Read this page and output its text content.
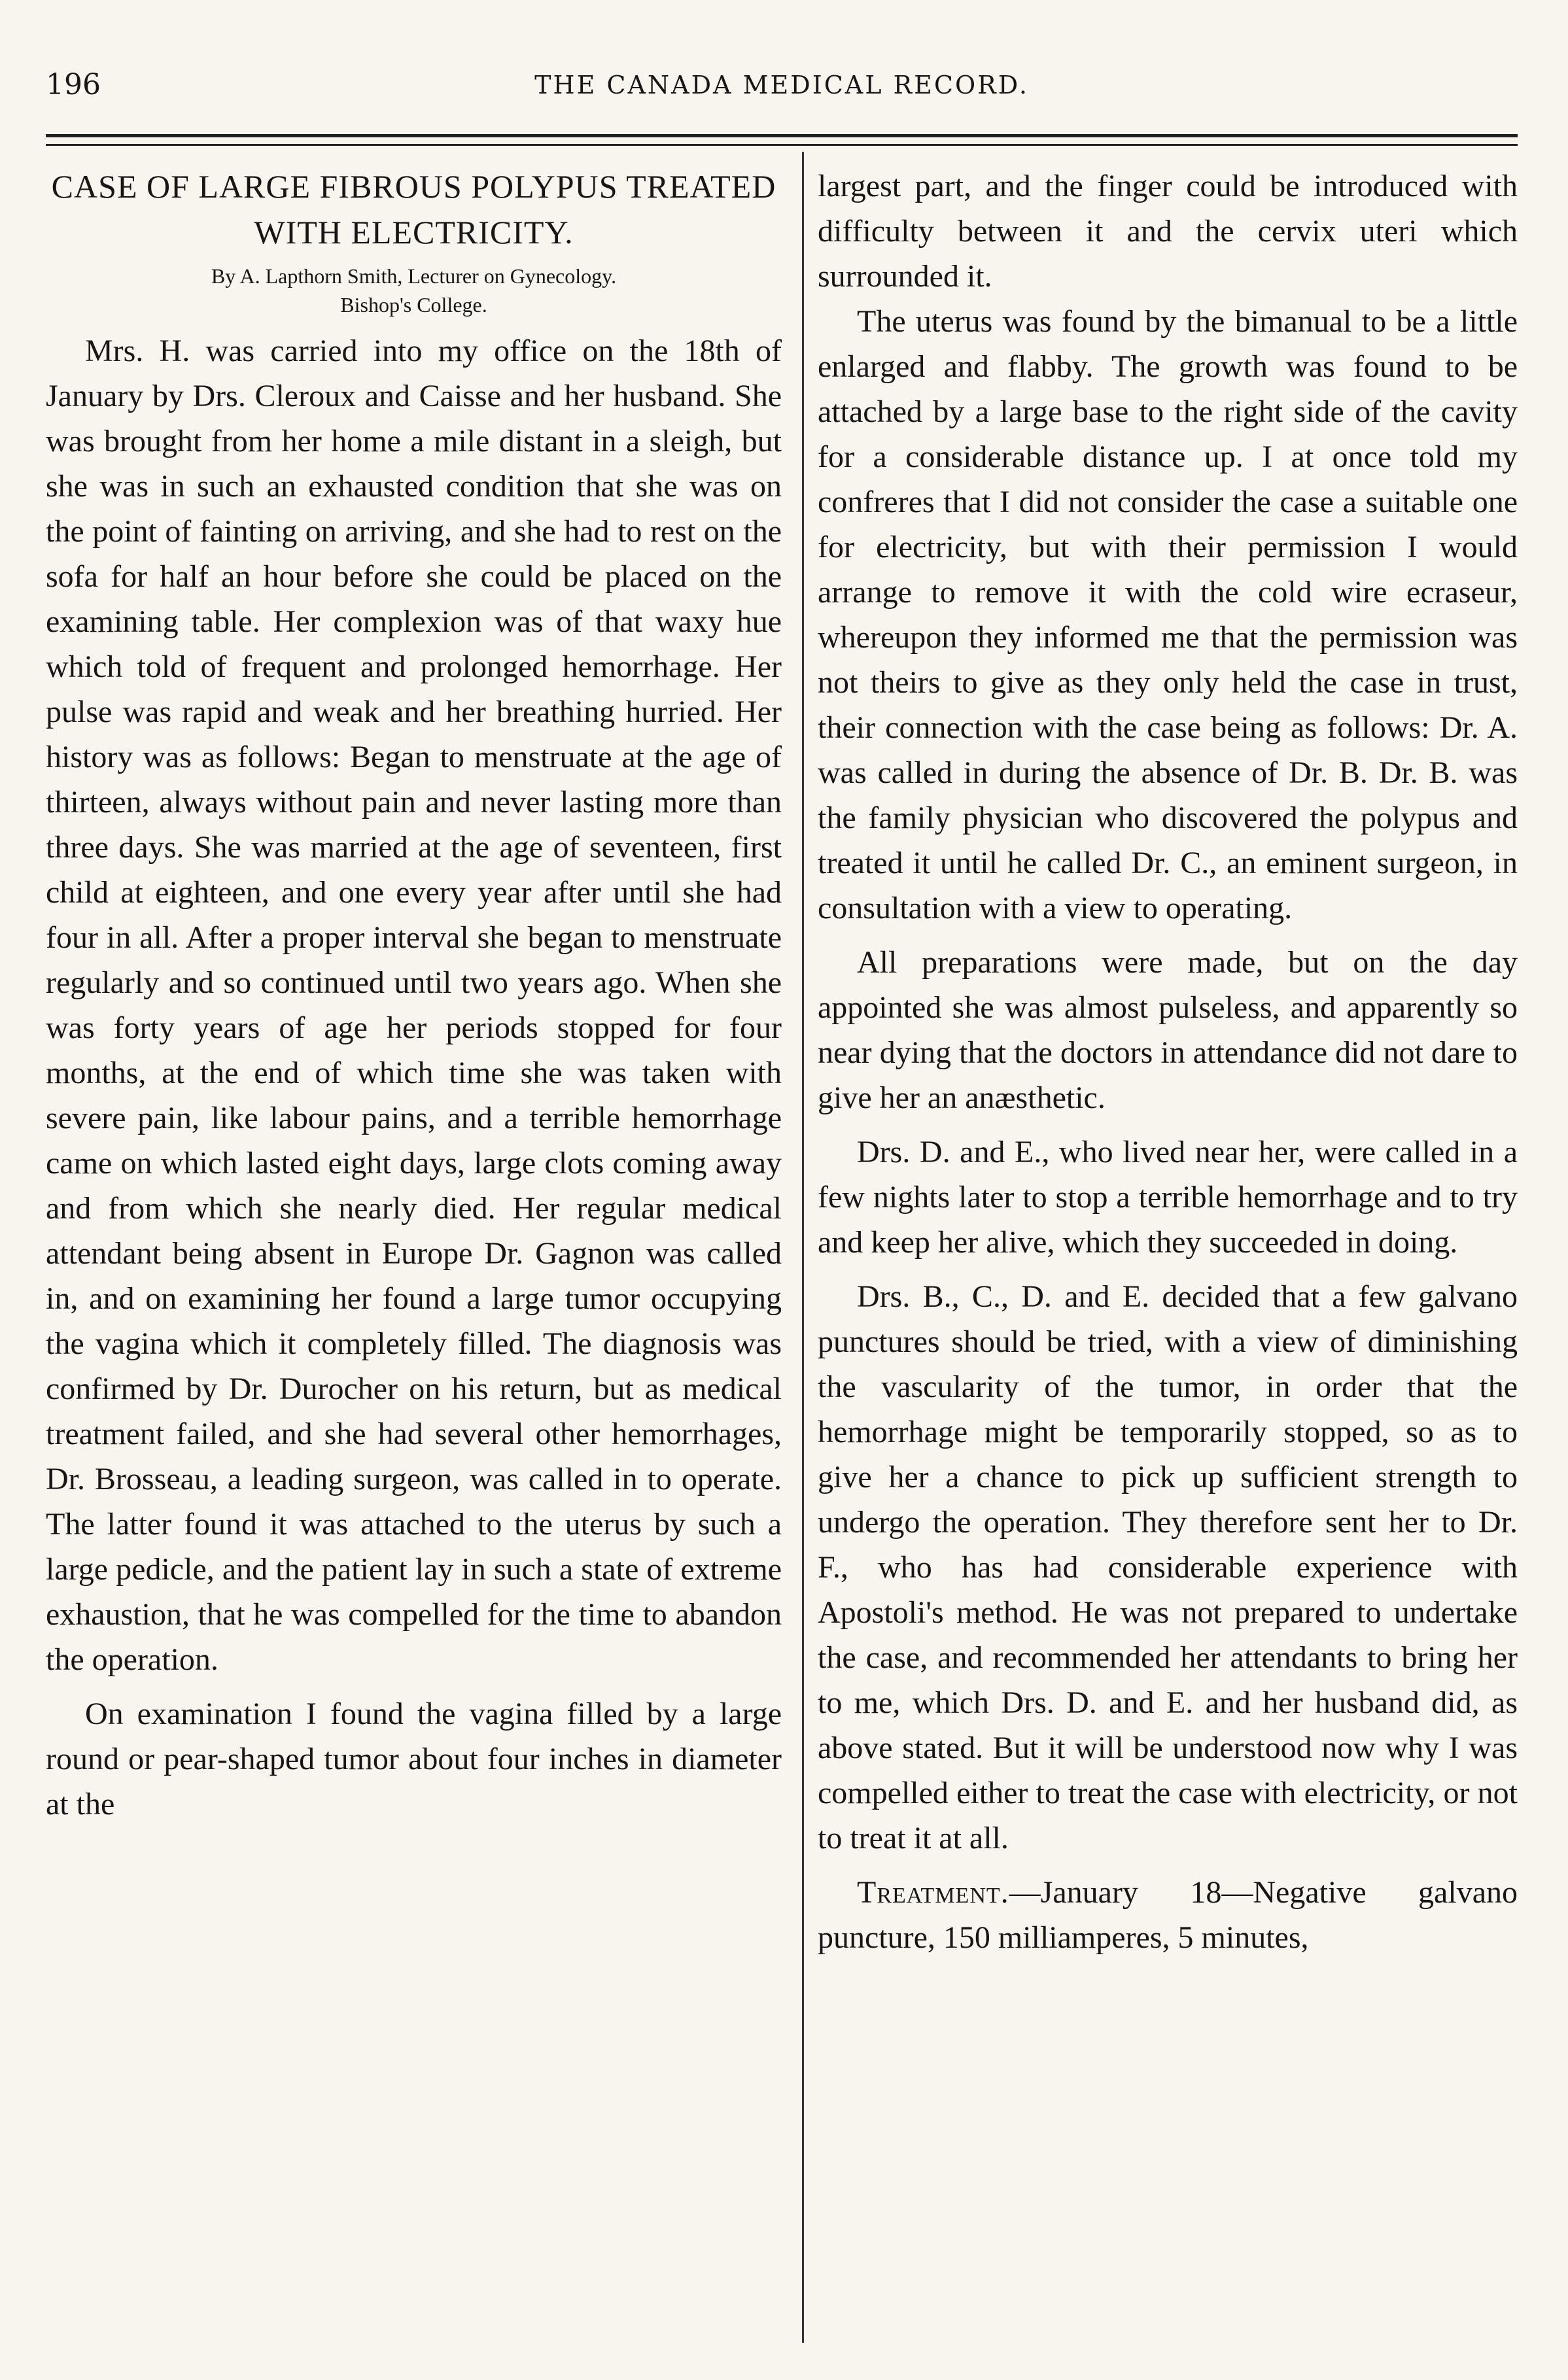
196	THE CANADA MEDICAL RECORD.
CASE OF LARGE FIBROUS POLYPUS TREATED WITH ELECTRICITY.
By A. Lapthorn Smith, Lecturer on Gynecology.
Bishop's College.

Mrs. H. was carried into my office on the 18th of January by Drs. Cleroux and Caisse and her husband. She was brought from her home a mile distant in a sleigh, but she was in such an exhausted condition that she was on the point of fainting on arriving, and she had to rest on the sofa for half an hour before she could be placed on the examining table. Her complexion was of that waxy hue which told of frequent and prolonged hemorrhage. Her pulse was rapid and weak and her breathing hurried. Her history was as follows: Began to menstruate at the age of thirteen, always without pain and never lasting more than three days. She was married at the age of seventeen, first child at eighteen, and one every year after until she had four in all. After a proper interval she began to menstruate regularly and so continued until two years ago. When she was forty years of age her periods stopped for four months, at the end of which time she was taken with severe pain, like labour pains, and a terrible hemorrhage came on which lasted eight days, large clots coming away and from which she nearly died. Her regular medical attendant being absent in Europe Dr. Gagnon was called in, and on examining her found a large tumor occupying the vagina which it completely filled. The diagnosis was confirmed by Dr. Durocher on his return, but as medical treatment failed, and she had several other hemorrhages, Dr. Brosseau, a leading surgeon, was called in to operate. The latter found it was attached to the uterus by such a large pedicle, and the patient lay in such a state of extreme exhaustion, that he was compelled for the time to abandon the operation.

On examination I found the vagina filled by a large round or pear-shaped tumor about four inches in diameter at the

largest part, and the finger could be introduced with difficulty between it and the cervix uteri which surrounded it.

The uterus was found by the bimanual to be a little enlarged and flabby. The growth was found to be attached by a large base to the right side of the cavity for a considerable distance up. I at once told my confreres that I did not consider the case a suitable one for electricity, but with their permission I would arrange to remove it with the cold wire ecraseur, whereupon they informed me that the permission was not theirs to give as they only held the case in trust, their connection with the case being as follows: Dr. A. was called in during the absence of Dr. B. Dr. B. was the family physician who discovered the polypus and treated it until he called Dr. C., an eminent surgeon, in consultation with a view to operating.

All preparations were made, but on the day appointed she was almost pulseless, and apparently so near dying that the doctors in attendance did not dare to give her an anæsthetic.

Drs. D. and E., who lived near her, were called in a few nights later to stop a terrible hemorrhage and to try and keep her alive, which they succeeded in doing.

Drs. B., C., D. and E. decided that a few galvano punctures should be tried, with a view of diminishing the vascularity of the tumor, in order that the hemorrhage might be temporarily stopped, so as to give her a chance to pick up sufficient strength to undergo the operation. They therefore sent her to Dr. F., who has had considerable experience with Apostoli's method. He was not prepared to undertake the case, and recommended her attendants to bring her to me, which Drs. D. and E. and her husband did, as above stated. But it will be understood now why I was compelled either to treat the case with electricity, or not to treat it at all.

Treatment.—January 18—Negative galvano puncture, 150 milliamperes, 5 minutes,
